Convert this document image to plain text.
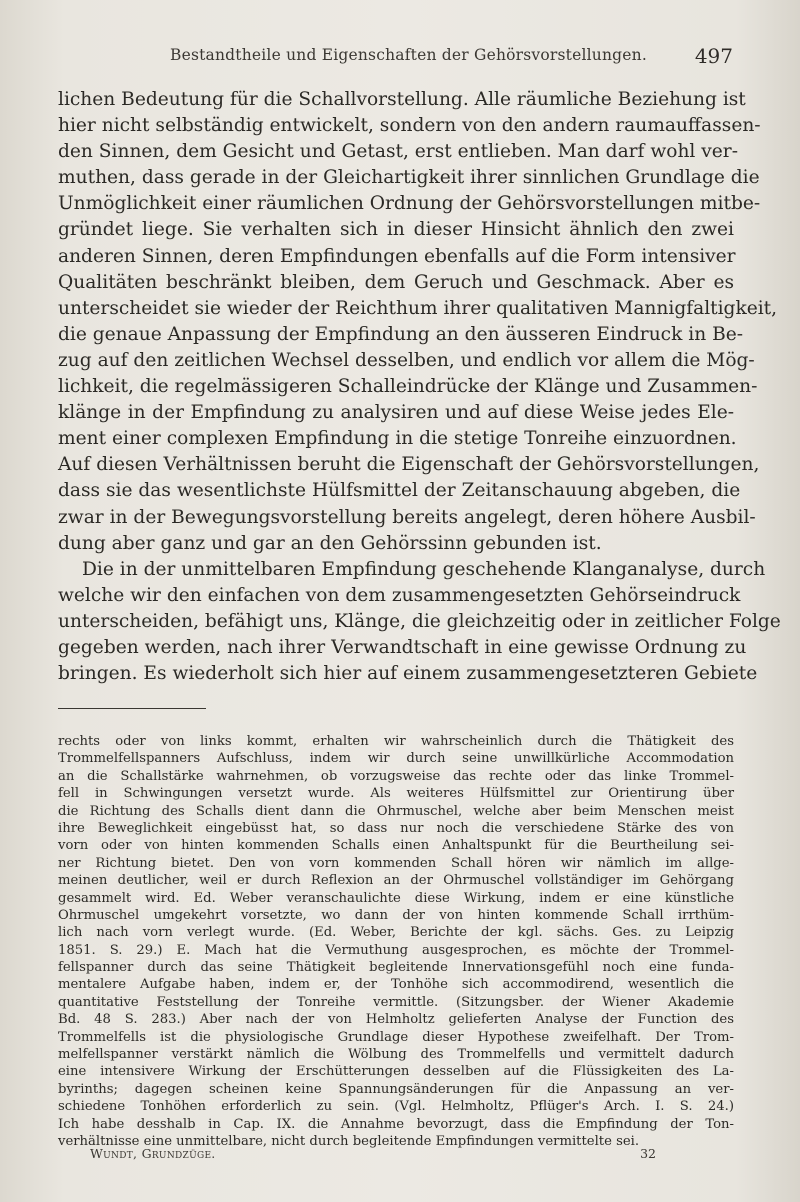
Bestandtheile und Eigenschaften der Gehörsvorstellungen. 497
lichen Bedeutung für die Schallvorstellung. Alle räumliche Beziehung ist
hier nicht selbständig entwickelt, sondern von den andern raumauffassen-
den Sinnen, dem Gesicht und Getast, erst entlieben. Man darf wohl ver-
muthen, dass gerade in der Gleichartigkeit ihrer sinnlichen Grundlage die
Unmöglichkeit einer räumlichen Ordnung der Gehörsvorstellungen mitbe-
gründet liege. Sie verhalten sich in dieser Hinsicht ähnlich den zwei
anderen Sinnen, deren Empfindungen ebenfalls auf die Form intensiver
Qualitäten beschränkt bleiben, dem Geruch und Geschmack. Aber es
unterscheidet sie wieder der Reichthum ihrer qualitativen Mannigfaltigkeit,
die genaue Anpassung der Empfindung an den äusseren Eindruck in Be-
zug auf den zeitlichen Wechsel desselben, und endlich vor allem die Mög-
lichkeit, die regelmässigeren Schalleindrücke der Klänge und Zusammen-
klänge in der Empfindung zu analysiren und auf diese Weise jedes Ele-
ment einer complexen Empfindung in die stetige Tonreihe einzuordnen.
Auf diesen Verhältnissen beruht die Eigenschaft der Gehörsvorstellungen,
dass sie das wesentlichste Hülfsmittel der Zeitanschauung abgeben, die
zwar in der Bewegungsvorstellung bereits angelegt, deren höhere Ausbil-
dung aber ganz und gar an den Gehörssinn gebunden ist.
Die in der unmittelbaren Empfindung geschehende Klanganalyse, durch
welche wir den einfachen von dem zusammengesetzten Gehörseindruck
unterscheiden, befähigt uns, Klänge, die gleichzeitig oder in zeitlicher Folge
gegeben werden, nach ihrer Verwandtschaft in eine gewisse Ordnung zu
bringen. Es wiederholt sich hier auf einem zusammengesetzteren Gebiete
rechts oder von links kommt, erhalten wir wahrscheinlich durch die Thätigkeit des
Trommelfellspanners Aufschluss, indem wir durch seine unwillkürliche Accommodation
an die Schallstärke wahrnehmen, ob vorzugsweise das rechte oder das linke Trommel-
fell in Schwingungen versetzt wurde. Als weiteres Hülfsmittel zur Orientirung über
die Richtung des Schalls dient dann die Ohrmuschel, welche aber beim Menschen meist
ihre Beweglichkeit eingebüsst hat, so dass nur noch die verschiedene Stärke des von
vorn oder von hinten kommenden Schalls einen Anhaltspunkt für die Beurtheilung sei-
ner Richtung bietet. Den von vorn kommenden Schall hören wir nämlich im allge-
meinen deutlicher, weil er durch Reflexion an der Ohrmuschel vollständiger im Gehörgang
gesammelt wird. Ed. Weber veranschaulichte diese Wirkung, indem er eine künstliche
Ohrmuschel umgekehrt vorsetzte, wo dann der von hinten kommende Schall irrthüm-
lich nach vorn verlegt wurde. (Ed. Weber, Berichte der kgl. sächs. Ges. zu Leipzig
1851. S. 29.) E. Mach hat die Vermuthung ausgesprochen, es möchte der Trommel-
fellspanner durch das seine Thätigkeit begleitende Innervationsgefühl noch eine funda-
mentalere Aufgabe haben, indem er, der Tonhöhe sich accommodirend, wesentlich die
quantitative Feststellung der Tonreihe vermittle. (Sitzungsber. der Wiener Akademie
Bd. 48 S. 283.) Aber nach der von Helmholtz gelieferten Analyse der Function des
Trommelfells ist die physiologische Grundlage dieser Hypothese zweifelhaft. Der Trom-
melfellspanner verstärkt nämlich die Wölbung des Trommelfells und vermittelt dadurch
eine intensivere Wirkung der Erschütterungen desselben auf die Flüssigkeiten des La-
byrinths; dagegen scheinen keine Spannungsänderungen für die Anpassung an ver-
schiedene Tonhöhen erforderlich zu sein. (Vgl. Helmholtz, Pflüger's Arch. I. S. 24.)
Ich habe desshalb in Cap. IX. die Annahme bevorzugt, dass die Empfindung der Ton-
verhältnisse eine unmittelbare, nicht durch begleitende Empfindungen vermittelte sei.
Wundt, Grundzüge.	32
